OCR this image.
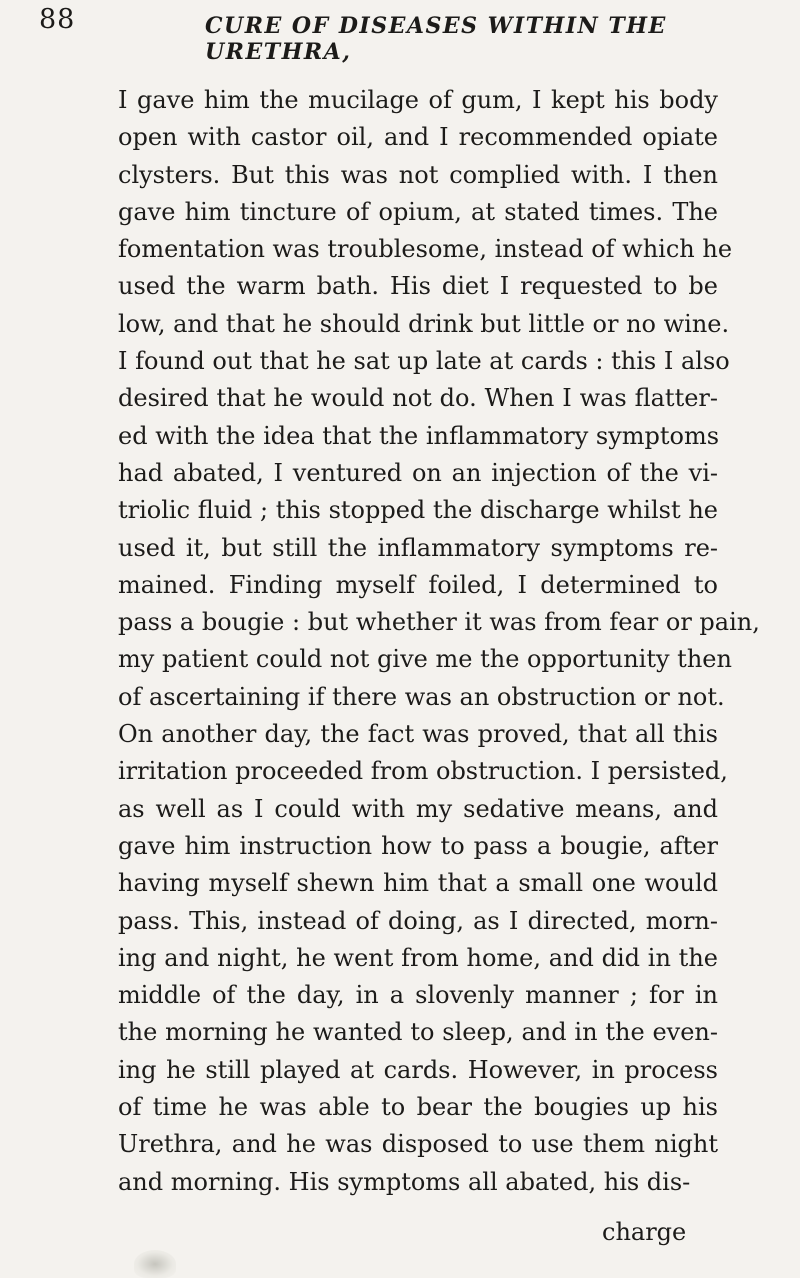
88	CURE OF DISEASES WITHIN THE URETHRA,
I gave him the mucilage of gum, I kept his body
open with castor oil, and I recommended opiate
clysters. But this was not complied with. I then
gave him tincture of opium, at stated times. The
fomentation was troublesome, instead of which he
used the warm bath. His diet I requested to be
low, and that he should drink but little or no wine.
I found out that he sat up late at cards : this I also
desired that he would not do. When I was flatter-
ed with the idea that the inflammatory symptoms
had abated, I ventured on an injection of the vi-
triolic fluid ; this stopped the discharge whilst he
used it, but still the inflammatory symptoms re-
mained. Finding myself foiled, I determined to
pass a bougie : but whether it was from fear or pain,
my patient could not give me the opportunity then
of ascertaining if there was an obstruction or not.
On another day, the fact was proved, that all this
irritation proceeded from obstruction. I persisted,
as well as I could with my sedative means, and
gave him instruction how to pass a bougie, after
having myself shewn him that a small one would
pass. This, instead of doing, as I directed, morn-
ing and night, he went from home, and did in the
middle of the day, in a slovenly manner ; for in
the morning he wanted to sleep, and in the even-
ing he still played at cards. However, in process
of time he was able to bear the bougies up his
Urethra, and he was disposed to use them night
and morning. His symptoms all abated, his dis-
charge
